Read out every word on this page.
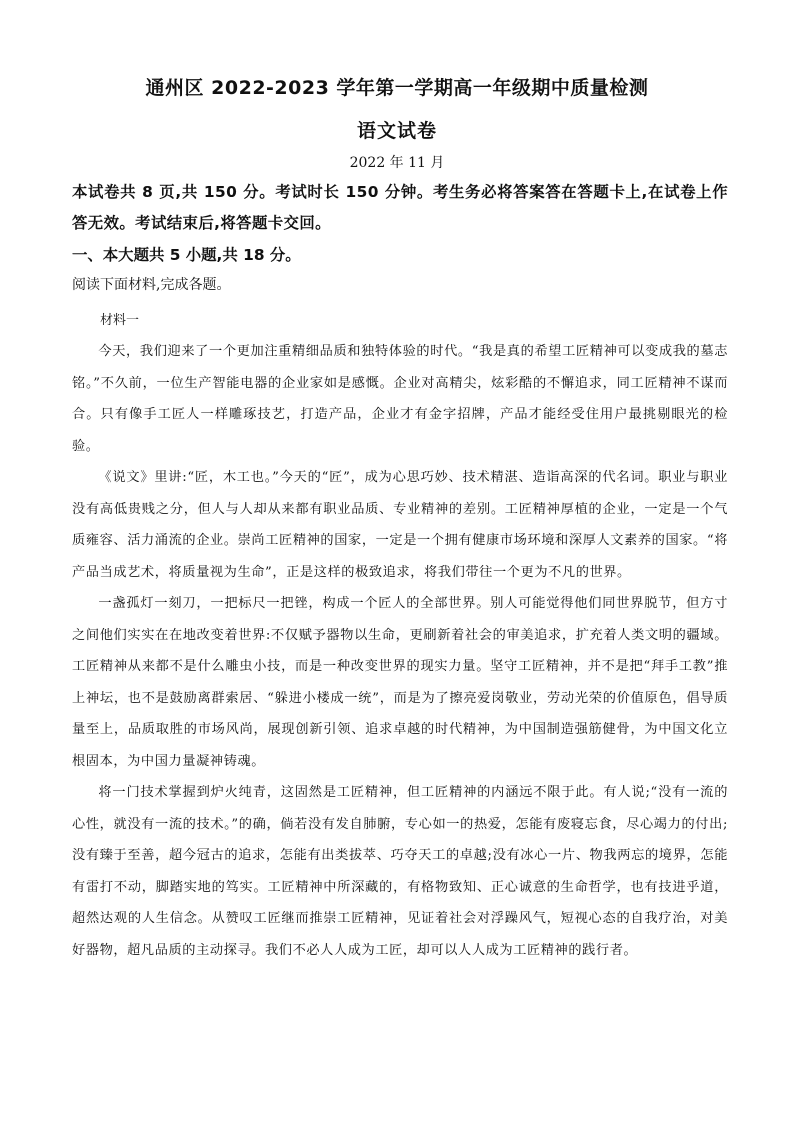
通州区 2022-2023 学年第一学期高一年级期中质量检测
语文试卷
2022 年 11 月
本试卷共 8 页,共 150 分。考试时长 150 分钟。考生务必将答案答在答题卡上,在试卷上作答无效。考试结束后,将答题卡交回。
一、本大题共 5 小题,共 18 分。
阅读下面材料,完成各题。
材料一

今天，我们迎来了一个更加注重精细品质和独特体验的时代。“我是真的希望工匠精神可以变成我的墓志铭。”不久前，一位生产智能电器的企业家如是感慨。企业对高精尖，炫彩酷的不懈追求，同工匠精神不谋而合。只有像手工匠人一样雕琢技艺，打造产品，企业才有金字招牌，产品才能经受住用户最挑剔眼光的检验。

《说文》里讲:“匠，木工也。”今天的“匠”，成为心思巧妙、技术精湛、造诣高深的代名词。职业与职业没有高低贵贱之分，但人与人却从来都有职业品质、专业精神的差别。工匠精神厚植的企业，一定是一个气质雍容、活力涌流的企业。崇尚工匠精神的国家，一定是一个拥有健康市场环境和深厚人文素养的国家。“将产品当成艺术，将质量视为生命”，正是这样的极致追求，将我们带往一个更为不凡的世界。

一盏孤灯一刻刀，一把标尺一把锉，构成一个匠人的全部世界。别人可能觉得他们同世界脱节，但方寸之间他们实实在在地改变着世界:不仅赋予器物以生命，更刷新着社会的审美追求，扩充着人类文明的疆域。工匠精神从来都不是什么雕虫小技，而是一种改变世界的现实力量。坚守工匠精神，并不是把“拜手工教”推上神坛，也不是鼓励离群索居、“躲进小楼成一统”，而是为了擦亮爱岗敬业，劳动光荣的价值原色，倡导质量至上，品质取胜的市场风尚，展现创新引领、追求卓越的时代精神，为中国制造强筋健骨，为中国文化立根固本，为中国力量凝神铸魂。

将一门技术掌握到炉火纯青，这固然是工匠精神，但工匠精神的内涵远不限于此。有人说;“没有一流的心性，就没有一流的技术。”的确，倘若没有发自肺腑，专心如一的热爱，怎能有废寝忘食，尽心竭力的付出;没有臻于至善，超今冠古的追求，怎能有出类拔萃、巧夺天工的卓越;没有冰心一片、物我两忘的境界，怎能有雷打不动，脚踏实地的笃实。工匠精神中所深藏的，有格物致知、正心诚意的生命哲学，也有技进乎道，超然达观的人生信念。从赞叹工匠继而推崇工匠精神，见证着社会对浮躁风气，短视心态的自我疗治，对美好器物，超凡品质的主动探寻。我们不必人人成为工匠，却可以人人成为工匠精神的践行者。
